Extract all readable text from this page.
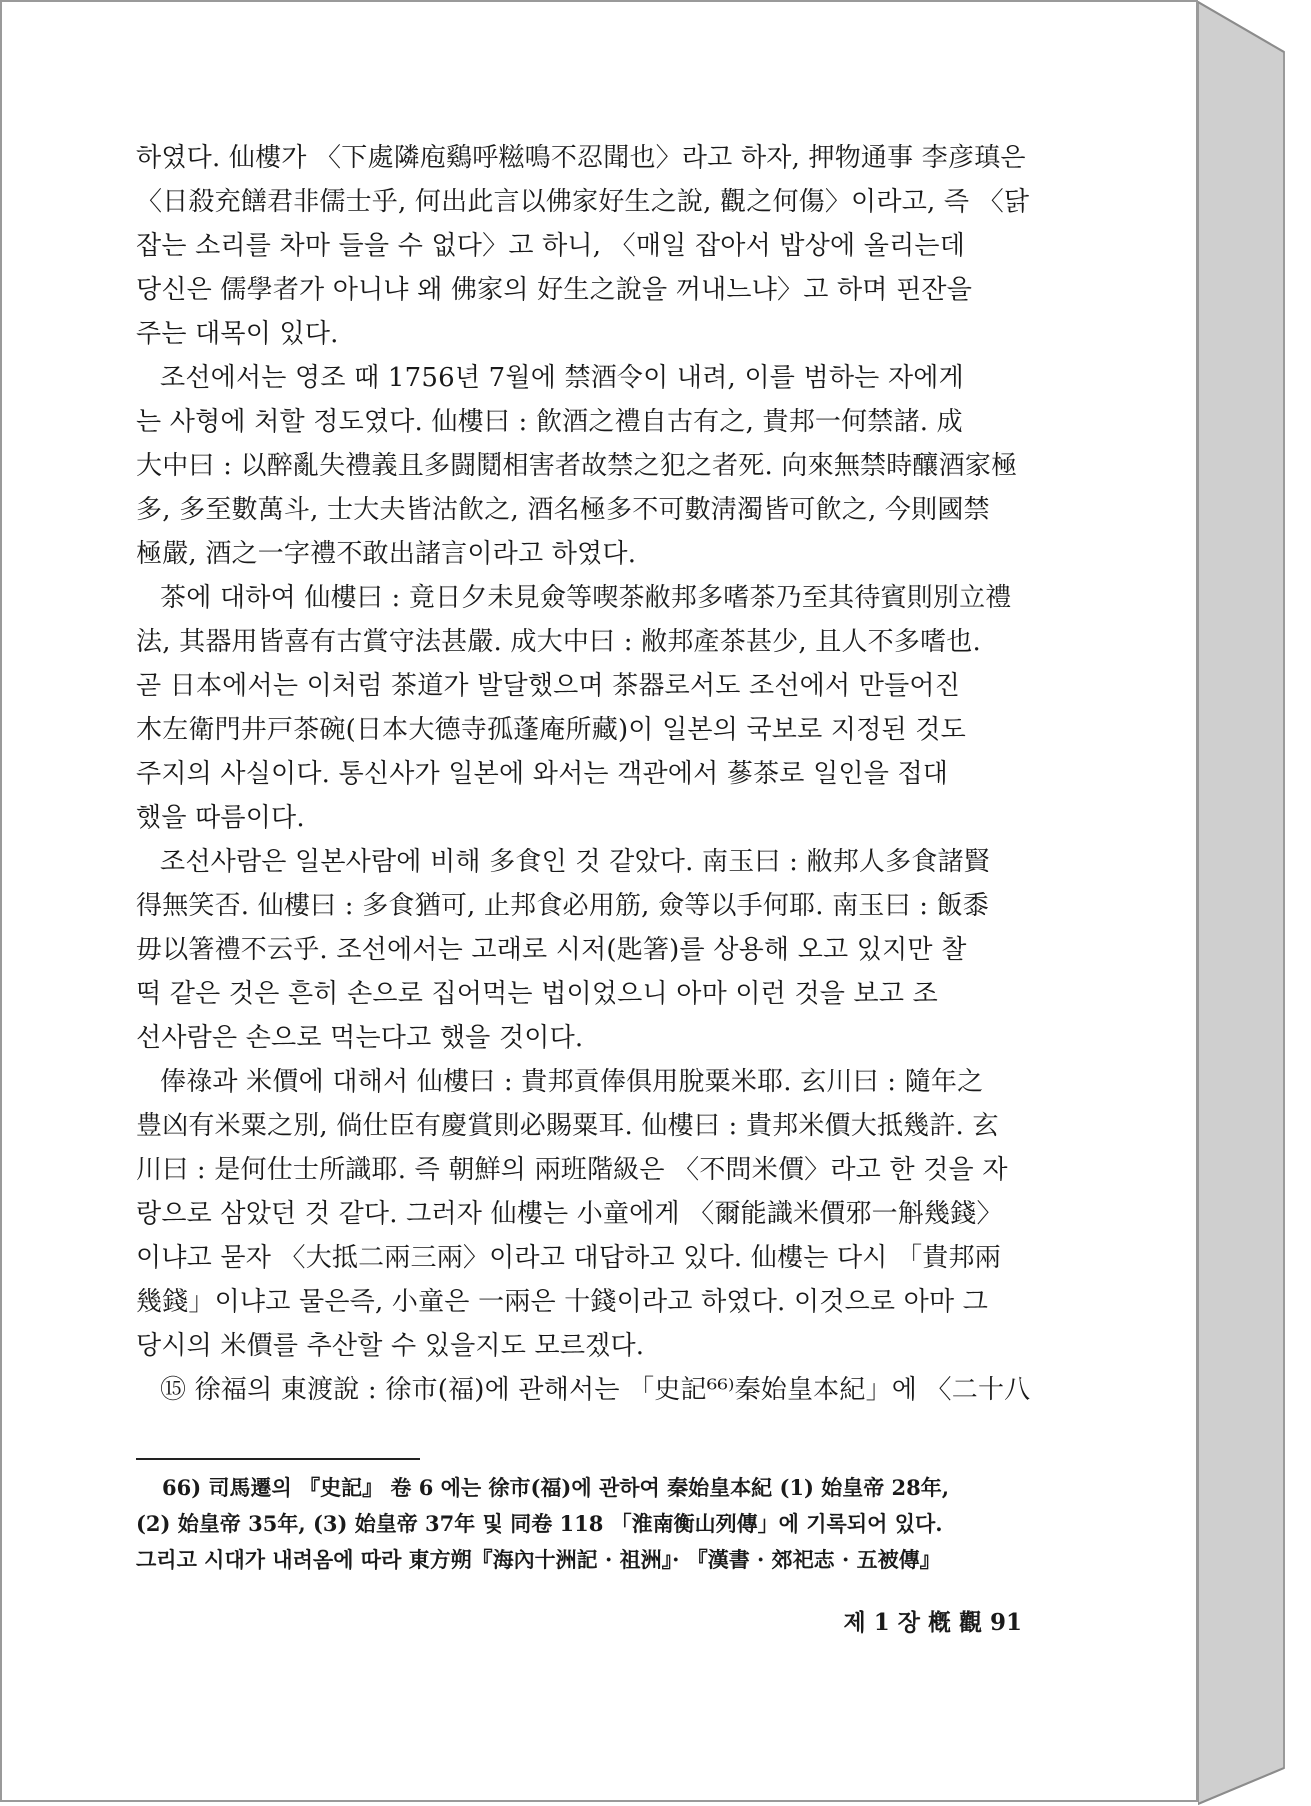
하였다. 仙樓가 〈下處隣庖鷄呼糍鳴不忍聞也〉라고 하자, 押物通事 李彦瑱은
〈日殺充饍君非儒士乎, 何出此言以佛家好生之說, 觀之何傷〉이라고, 즉 〈닭
잡는 소리를 차마 들을 수 없다〉고 하니, 〈매일 잡아서 밥상에 올리는데
당신은 儒學者가 아니냐 왜 佛家의 好生之說을 꺼내느냐〉고 하며 핀잔을
주는 대목이 있다.
조선에서는 영조 때 1756년 7월에 禁酒令이 내려, 이를 범하는 자에게
는 사형에 처할 정도였다. 仙樓曰 : 飮酒之禮自古有之, 貴邦一何禁諸. 成
大中曰 : 以醉亂失禮義且多闘鬩相害者故禁之犯之者死. 向來無禁時釀酒家極
多, 多至數萬斗, 士大夫皆沽飮之, 酒名極多不可數淸濁皆可飮之, 今則國禁
極嚴, 酒之一字禮不敢出諸言이라고 하였다.
茶에 대하여 仙樓曰 : 竟日夕未見僉等喫茶敝邦多嗜茶乃至其待賓則別立禮
法, 其器用皆喜有古賞守法甚嚴. 成大中曰 : 敝邦產茶甚少, 且人不多嗜也.
곧 日本에서는 이처럼 茶道가 발달했으며 茶器로서도 조선에서 만들어진
木左衛門井戸茶碗(日本大德寺孤蓬庵所藏)이 일본의 국보로 지정된 것도
주지의 사실이다. 통신사가 일본에 와서는 객관에서 蔘茶로 일인을 접대
했을 따름이다.
조선사람은 일본사람에 비해 多食인 것 같았다. 南玉曰 : 敝邦人多食諸賢
得無笑否. 仙樓曰 : 多食猶可, 止邦食必用筋, 僉等以手何耶. 南玉曰 : 飯黍
毋以箸禮不云乎. 조선에서는 고래로 시저(匙箸)를 상용해 오고 있지만 찰
떡 같은 것은 흔히 손으로 집어먹는 법이었으니 아마 이런 것을 보고 조
선사람은 손으로 먹는다고 했을 것이다.
俸祿과 米價에 대해서 仙樓曰 : 貴邦貢俸俱用脫粟米耶. 玄川曰 : 隨年之
豊凶有米粟之別, 倘仕臣有慶賞則必賜粟耳. 仙樓曰 : 貴邦米價大抵幾許. 玄
川曰 : 是何仕士所識耶. 즉 朝鮮의 兩班階級은 〈不問米價〉라고 한 것을 자
랑으로 삼았던 것 같다. 그러자 仙樓는 小童에게 〈爾能識米價邪一斛幾錢〉
이냐고 묻자 〈大抵二兩三兩〉이라고 대답하고 있다. 仙樓는 다시 「貴邦兩
幾錢」이냐고 물은즉, 小童은 一兩은 十錢이라고 하였다. 이것으로 아마 그
당시의 米價를 추산할 수 있을지도 모르겠다.
⑮ 徐福의 東渡說 : 徐市(福)에 관해서는 「史記⁶⁶⁾秦始皇本紀」에 〈二十八
66) 司馬遷의 『史記』 卷 6 에는 徐市(福)에 관하여 秦始皇本紀 (1) 始皇帝 28年,
(2) 始皇帝 35年, (3) 始皇帝 37年 및 同卷 118 「淮南衡山列傳」에 기록되어 있다.
그리고 시대가 내려옴에 따라 東方朔『海內十洲記 · 祖洲』· 『漢書 · 郊祀志 · 五被傳』
제 1 장 槪 觀 91
